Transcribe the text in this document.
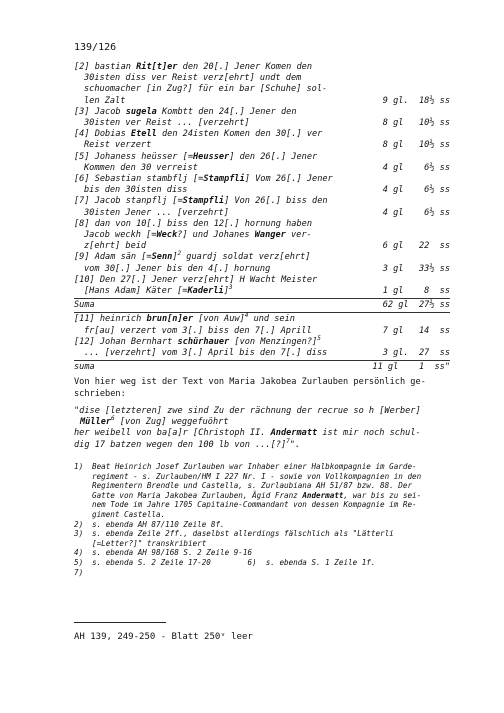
139/126
[2] bastian Rit[t]er den 20[.] Jener Komen den
30isten diss ver Reist verz[ehrt] undt dem
schuomacher [in Zug?] für ein bar [Schuhe] sol-
len Zalt	9 gl.  18½ ss
[3] Jacob sugela Kombtt den 24[.] Jener den
30isten ver Reist ... [verzehrt]	8 gl   10½ ss
[4] Dobias Etell den 24isten Komen den 30[.] ver
Reist verzert	8 gl   10½ ss
[5] Johaness heüsser [=Heusser] den 26[.] Jener
Kommen den 30 verreist	4 gl    6½ ss
[6] Sebastian stambflj [=Stampfli] Vom 26[.] Jener
bis den 30isten diss	4 gl    6½ ss
[7] Jacob stanpflj [=Stampfli] Von 26[.] biss den
30isten Jener ... [verzehrt]	4 gl    6½ ss
[8] dan von 10[.] biss den 12[.] hornung haben
Jacob weckh [=Weck?] und Johanes Wanger ver-
z[ehrt] beid	6 gl   22  ss
[9] Adam sän [=Senn]$^2$ guardj soldat verz[ehrt]
vom 30[.] Jener bis den 4[.] hornung	3 gl   33½ ss
[10] Den 27[.] Jener verz[ehrt] H Wacht Meister
[Hans Adam] Käter [=Kaderli]$^3$	1 gl    8  ss
Suma	62 gl  27½ ss
[11] heinrich brun[n]er [von Auw]$^4$ und sein
fr[au] verzert vom 3[.] biss den 7[.] Aprill	7 gl   14  ss
[12] Johan Bernhart schürhauer [von Menzingen?]$^5$
... [verzehrt] vom 3[.] April bis den 7[.] diss	3 gl.  27  ss
suma	11 gl    1  ss"
Von hier weg ist der Text von Maria Jakobea Zurlauben persönlich ge-
schrieben:
"dise [letzteren] zwe sind Zu der rächnung der recrue so h [Werber]
Müller$^6$ [von Zug] weggefuöhrt
her weibell von ba[a]r [Christoph II. Andermatt ist mir noch schul-
dig 17 batzen wegen den 100 lb von ...[?]$^7$".
1) Beat Heinrich Josef Zurlauben war Inhaber einer Halbkompagnie im Garde-
regiment - s. Zurlauben/HM I 227 Nr. I - sowie von Vollkompagnien in den
Regimentern Brendle und Castella, s. Zurlaubiana AH 51/87 bzw. 88. Der
Gatte von Maria Jakobea Zurlauben, Ägid Franz Andermatt, war bis zu sei-
nem Tode im Jahre 1705 Capitaine-Commandant von dessen Kompagnie im Re-
giment Castella.
2) s. ebenda AH 87/110 Zeile 8f.
3) s. ebenda Zeile 2ff., daselbst allerdings fälschlich als "Lätterli
[=Letter?]" transkribiert
4) s. ebenda AH 98/168 S. 2 Zeile 9-16
5) s. ebenda S. 2 Zeile 17-20        6)  s. ebenda S. 1 Zeile 1f.
7)
AH 139, 249-250 - Blatt 250ᵛ leer
